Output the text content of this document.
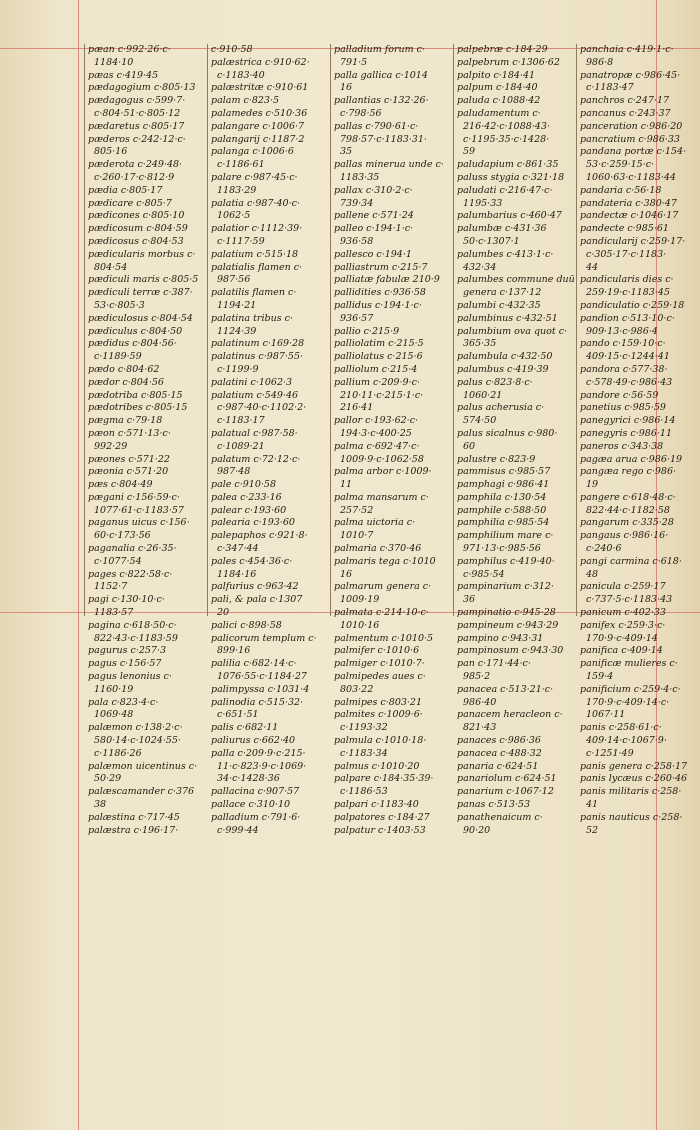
pæan c·992·26·c·
1184·10
pæas c·419·45
pædagogium c·805·13
pædagogus c·599·7·
c·804·51·c·805·12
pædaretus c·805·17
pæderos c·242·12·c·
805·16
pæderota c·249·48·
c·260·17·c·812·9
pædia c·805·17
pædicare c·805·7
pædicones c·805·10
pædicosum c·804·59
pædicosus c·804·53
pædicularis morbus c·
804·54
pædiculi maris c·805·5
pædiculi terræ c·387·
53·c·805·3
pædiculosus c·804·54
pædiculus c·804·50
pædidus c·804·56·
c·1189·59
pædo c·804·62
pædor c·804·56
pædotriba c·805·15
pædotribes c·805·15
pægma c·79·18
pæon c·571·13·c·
992·29
pæones c·571·22
pæonia c·571·20
pæs c·804·49
pægani c·156·59·c·
1077·61·c·1183·57
paganus uicus c·156·
60·c·173·56
paganalia c·26·35·
c·1077·54
pages c·822·58·c·
1152·7
pagi c·130·10·c·
1183·57
pagina c·618·50·c·
822·43·c·1183·59
pagurus c·257·3
pagus c·156·57
pagus lenonius c·
1160·19
pala c·823·4·c·
1069·48
palæmon c·138·2·c·
580·14·c·1024·55·
c·1186·26
palæmon uicentinus c·
50·29
palæscamander c·376
38
palæstina c·717·45
palæstra c·196·17·
c·910·58
palæstrica c·910·62·
c·1183·40
palæstritæ c·910·61
palam c·823·5
palamedes c·510·36
palangare c·1006·7
palangarij c·1187·2
palanga c·1006·6
c·1186·61
palare c·987·45·c·
1183·29
palatia c·987·40·c·
1062·5
palatior c·1112·39·
c·1117·59
palatium c·515·18
palatialis flamen c·
987·56
palatilis flamen c·
1194·21
palatina tribus c·
1124·39
palatinum c·169·28
palatinus c·987·55·
c·1199·9
palatini c·1062·3
palatium c·549·46
c·987·40·c·1102·2·
c·1183·17
palatual c·987·58·
c·1089·21
palatum c·72·12·c·
987·48
pale c·910·58
palea c·233·16
palear c·193·60
palearia c·193·60
palepaphos c·921·8·
c·347·44
pales c·454·36·c·
1184·16
palfurius c·963·42
pali, & pala c·1307
20
palici c·898·58
palicorum templum c·
899·16
palilia c·682·14·c·
1076·55·c·1184·27
palimpyssa c·1031·4
palinodia c·515·32·
c·651·51
palis c·682·11
paliurus c·662·40
palla c·209·9·c·215·
11·c·823·9·c·1069·
34·c·1428·36
pallacina c·907·57
pallace c·310·10
palladium c·791·6·
c·999·44
palladium forum c·
791·5
palla gallica c·1014
16
pallantias c·132·26·
c·798·56
pallas c·790·61·c·
798·57·c·1183·31·
35
pallas minerua unde c·
1183·35
pallax c·310·2·c·
739·34
pallene c·571·24
palleo c·194·1·c·
936·58
pallesco c·194·1
palliastrum c·215·7
palliatæ fabulæ 210·9
pallidities c·936·58
pallidus c·194·1·c·
936·57
pallio c·215·9
palliolatim c·215·5
palliolatus c·215·6
palliolum c·215·4
pallium c·209·9·c·
210·11·c·215·1·c·
216·41
pallor c·193·62·c·
194·3·c·400·25
palma c·692·47·c·
1009·9·c·1062·58
palma arbor c·1009·
11
palma mansarum c·
257·52
palma uictoria c·
1010·7
palmaria c·370·46
palmaris tega c·1010
16
palmarum genera c·
1009·19
palmata c·214·10·c·
1010·16
palmentum c·1010·5
palmifer c·1010·6
palmiger c·1010·7·
palmipedes aues c·
803·22
palmipes c·803·21
palmites c·1009·6·
c·1193·32
palmula c·1010·18·
c·1183·34
palmus c·1010·20
palpare c·184·35·39·
c·1186·53
palpari c·1183·40
palpatores c·184·27
palpatur c·1403·53
palpebræ c·184·29
palpebrum c·1306·62
palpito c·184·41
palpum c·184·40
paluda c·1088·42
paludamentum c·
216·42·c·1088·43·
c·1195·35·c·1428·
59
paludapium c·861·35
paluss stygia c·321·18
paludati c·216·47·c·
1195·33
palumbarius c·460·47
palumbæ c·431·36
50·c·1307·1
palumbes c·413·1·c·
432·34
palumbes commune duū
genera c·137·12
palumbi c·432·35
palumbinus c·432·51
palumbium ova quot c·
365·35
palumbula c·432·50
palumbus c·419·39
palus c·823·8·c·
1060·21
palus acherusia c·
574·50
palus sicalnus c·980·
60
palustre c·823·9
pammisus c·985·57
pamphagi c·986·41
pamphila c·130·54
pamphile c·588·50
pamphilia c·985·54
pamphilium mare c·
971·13·c·985·56
pamphilus c·419·40·
c·985·54
pampinarium c·312·
36
pampinatio c·945·28
pampineum c·943·29
pampino c·943·31
pampinosum c·943·30
pan c·171·44·c·
985·2
panacea c·513·21·c·
986·40
panacem heracleon c·
821·43
panaces c·986·36
panacea c·488·32
panaria c·624·51
panariolum c·624·51
panarium c·1067·12
panas c·513·53
panathenaicum c·
90·20
panchaia c·419·1·c·
986·8
panatropæ c·986·45·
c·1183·47
panchros c·247·17
pancanus c·243·37
panceration c·986·20
pancratium c·986·33
pandana portæ c·154·
53·c·259·15·c·
1060·63·c·1183·44
pandaria c·56·18
pandateria c·380·47
pandectæ c·1046·17
pandecte c·985·61
pandicularij c·259·17·
c·305·17·c·1183·
44
pandicularis dies c·
259·19·c·1183·45
pandiculatio c·259·18
pandion c·513·10·c·
909·13·c·986·4
pando c·159·10·c·
409·15·c·1244·41
pandora c·577·38·
c·578·49·c·986·43
pandore c·56·59
panetius c·985·59
panegyrici c·986·14
panegyris c·986·11
paneros c·343·38
pagæa arua c·986·19
pangæa rego c·986·
19
pangere c·618·48·c·
822·44·c·1182·58
pangarum c·335·28
pangaus c·986·16·
c·240·6
pangi carmina c·618·
48
panicula c·259·17
c·737·5·c·1183·43
panicum c·402·33
panifex c·259·3·c·
170·9·c·409·14
panifica c·409·14
panificæ mulieres c·
159·4
panificium c·259·4·c·
170·9·c·409·14·c·
1067·11
panis c·258·61·c·
409·14·c·1067·9·
c·1251·49
panis genera c·258·17
panis lycæus c·260·46
panis militaris c·258·
41
panis nauticus c·258·
52
